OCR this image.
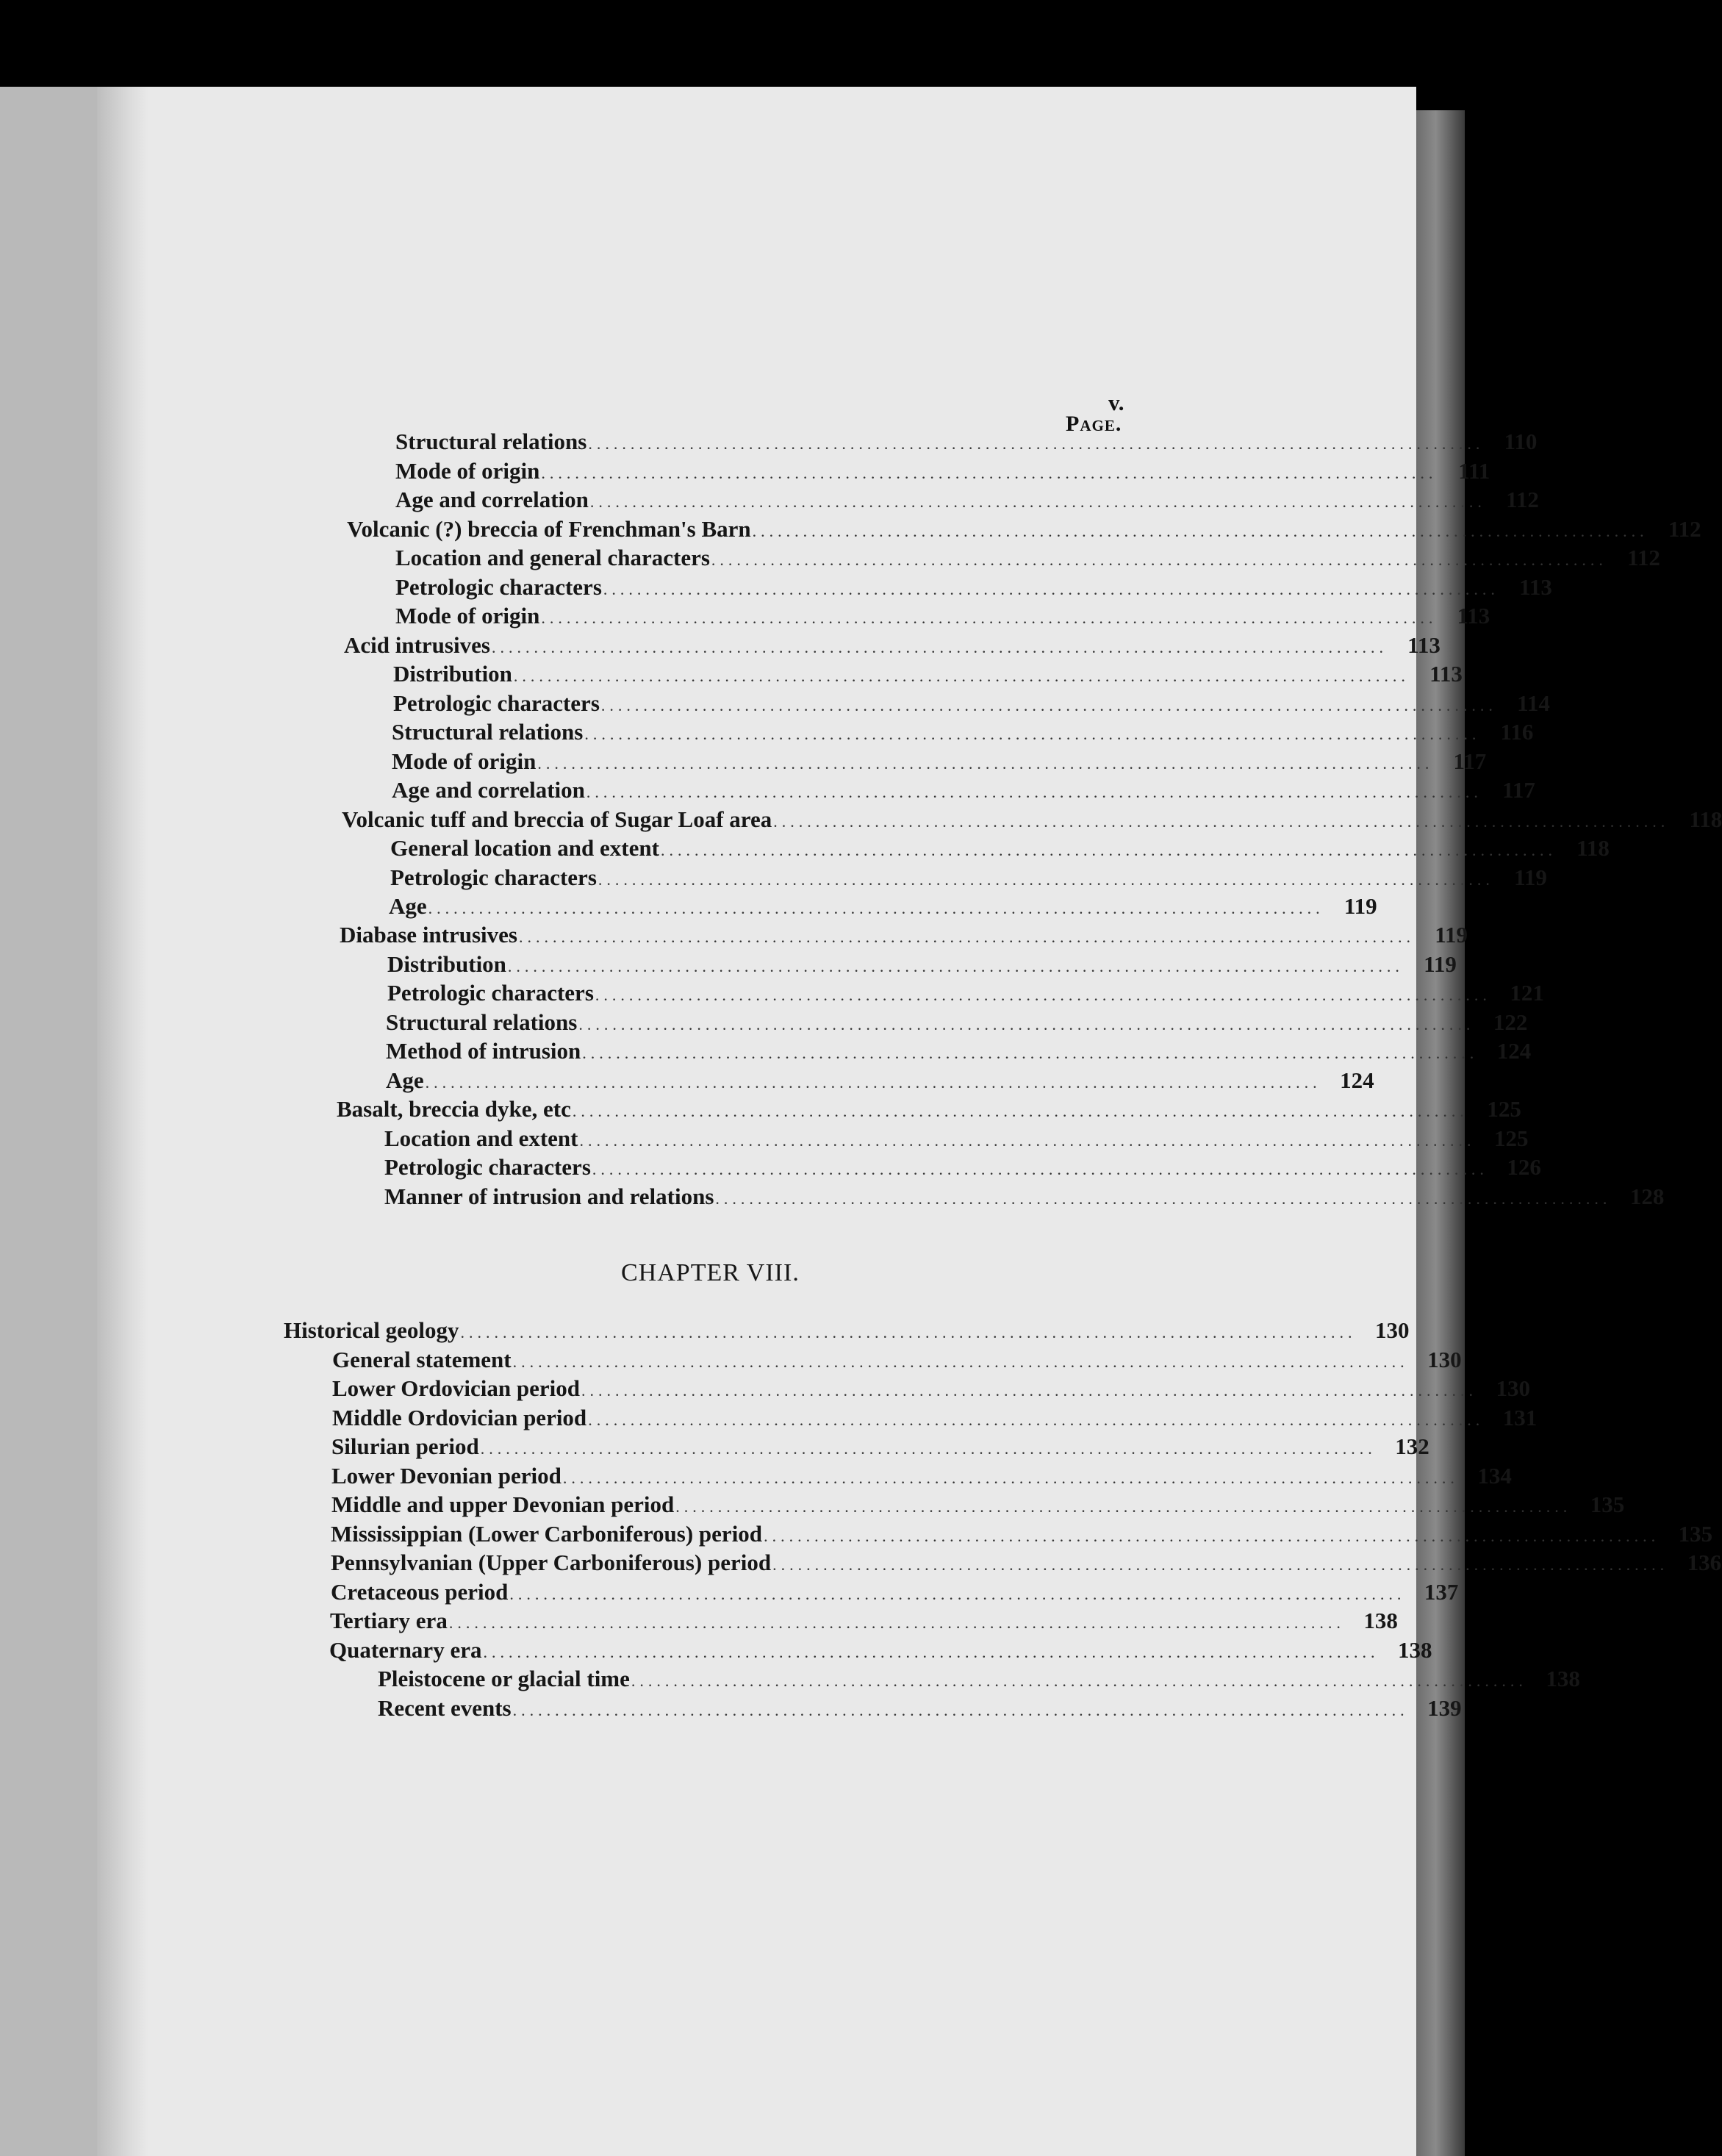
v.
Page.
Structural relations .......................................................................................................... 110
Mode of origin .......................................................................................................... 111
Age and correlation .......................................................................................................... 112
Volcanic (?) breccia of Frenchman's Barn .......................................................................................................... 112
Location and general characters .......................................................................................................... 112
Petrologic characters .......................................................................................................... 113
Mode of origin .......................................................................................................... 113
Acid intrusives .......................................................................................................... 113
Distribution .......................................................................................................... 113
Petrologic characters .......................................................................................................... 114
Structural relations .......................................................................................................... 116
Mode of origin .......................................................................................................... 117
Age and correlation .......................................................................................................... 117
Volcanic tuff and breccia of Sugar Loaf area .......................................................................................................... 118
General location and extent .......................................................................................................... 118
Petrologic characters .......................................................................................................... 119
Age .......................................................................................................... 119
Diabase intrusives .......................................................................................................... 119
Distribution .......................................................................................................... 119
Petrologic characters .......................................................................................................... 121
Structural relations .......................................................................................................... 122
Method of intrusion .......................................................................................................... 124
Age .......................................................................................................... 124
Basalt, breccia dyke, etc .......................................................................................................... 125
Location and extent .......................................................................................................... 125
Petrologic characters .......................................................................................................... 126
Manner of intrusion and relations .......................................................................................................... 128
CHAPTER VIII.
Historical geology .......................................................................................................... 130
General statement .......................................................................................................... 130
Lower Ordovician period .......................................................................................................... 130
Middle Ordovician period .......................................................................................................... 131
Silurian period .......................................................................................................... 132
Lower Devonian period .......................................................................................................... 134
Middle and upper Devonian period .......................................................................................................... 135
Mississippian (Lower Carboniferous) period .......................................................................................................... 135
Pennsylvanian (Upper Carboniferous) period .......................................................................................................... 136
Cretaceous period .......................................................................................................... 137
Tertiary era .......................................................................................................... 138
Quaternary era .......................................................................................................... 138
Pleistocene or glacial time .......................................................................................................... 138
Recent events .......................................................................................................... 139
